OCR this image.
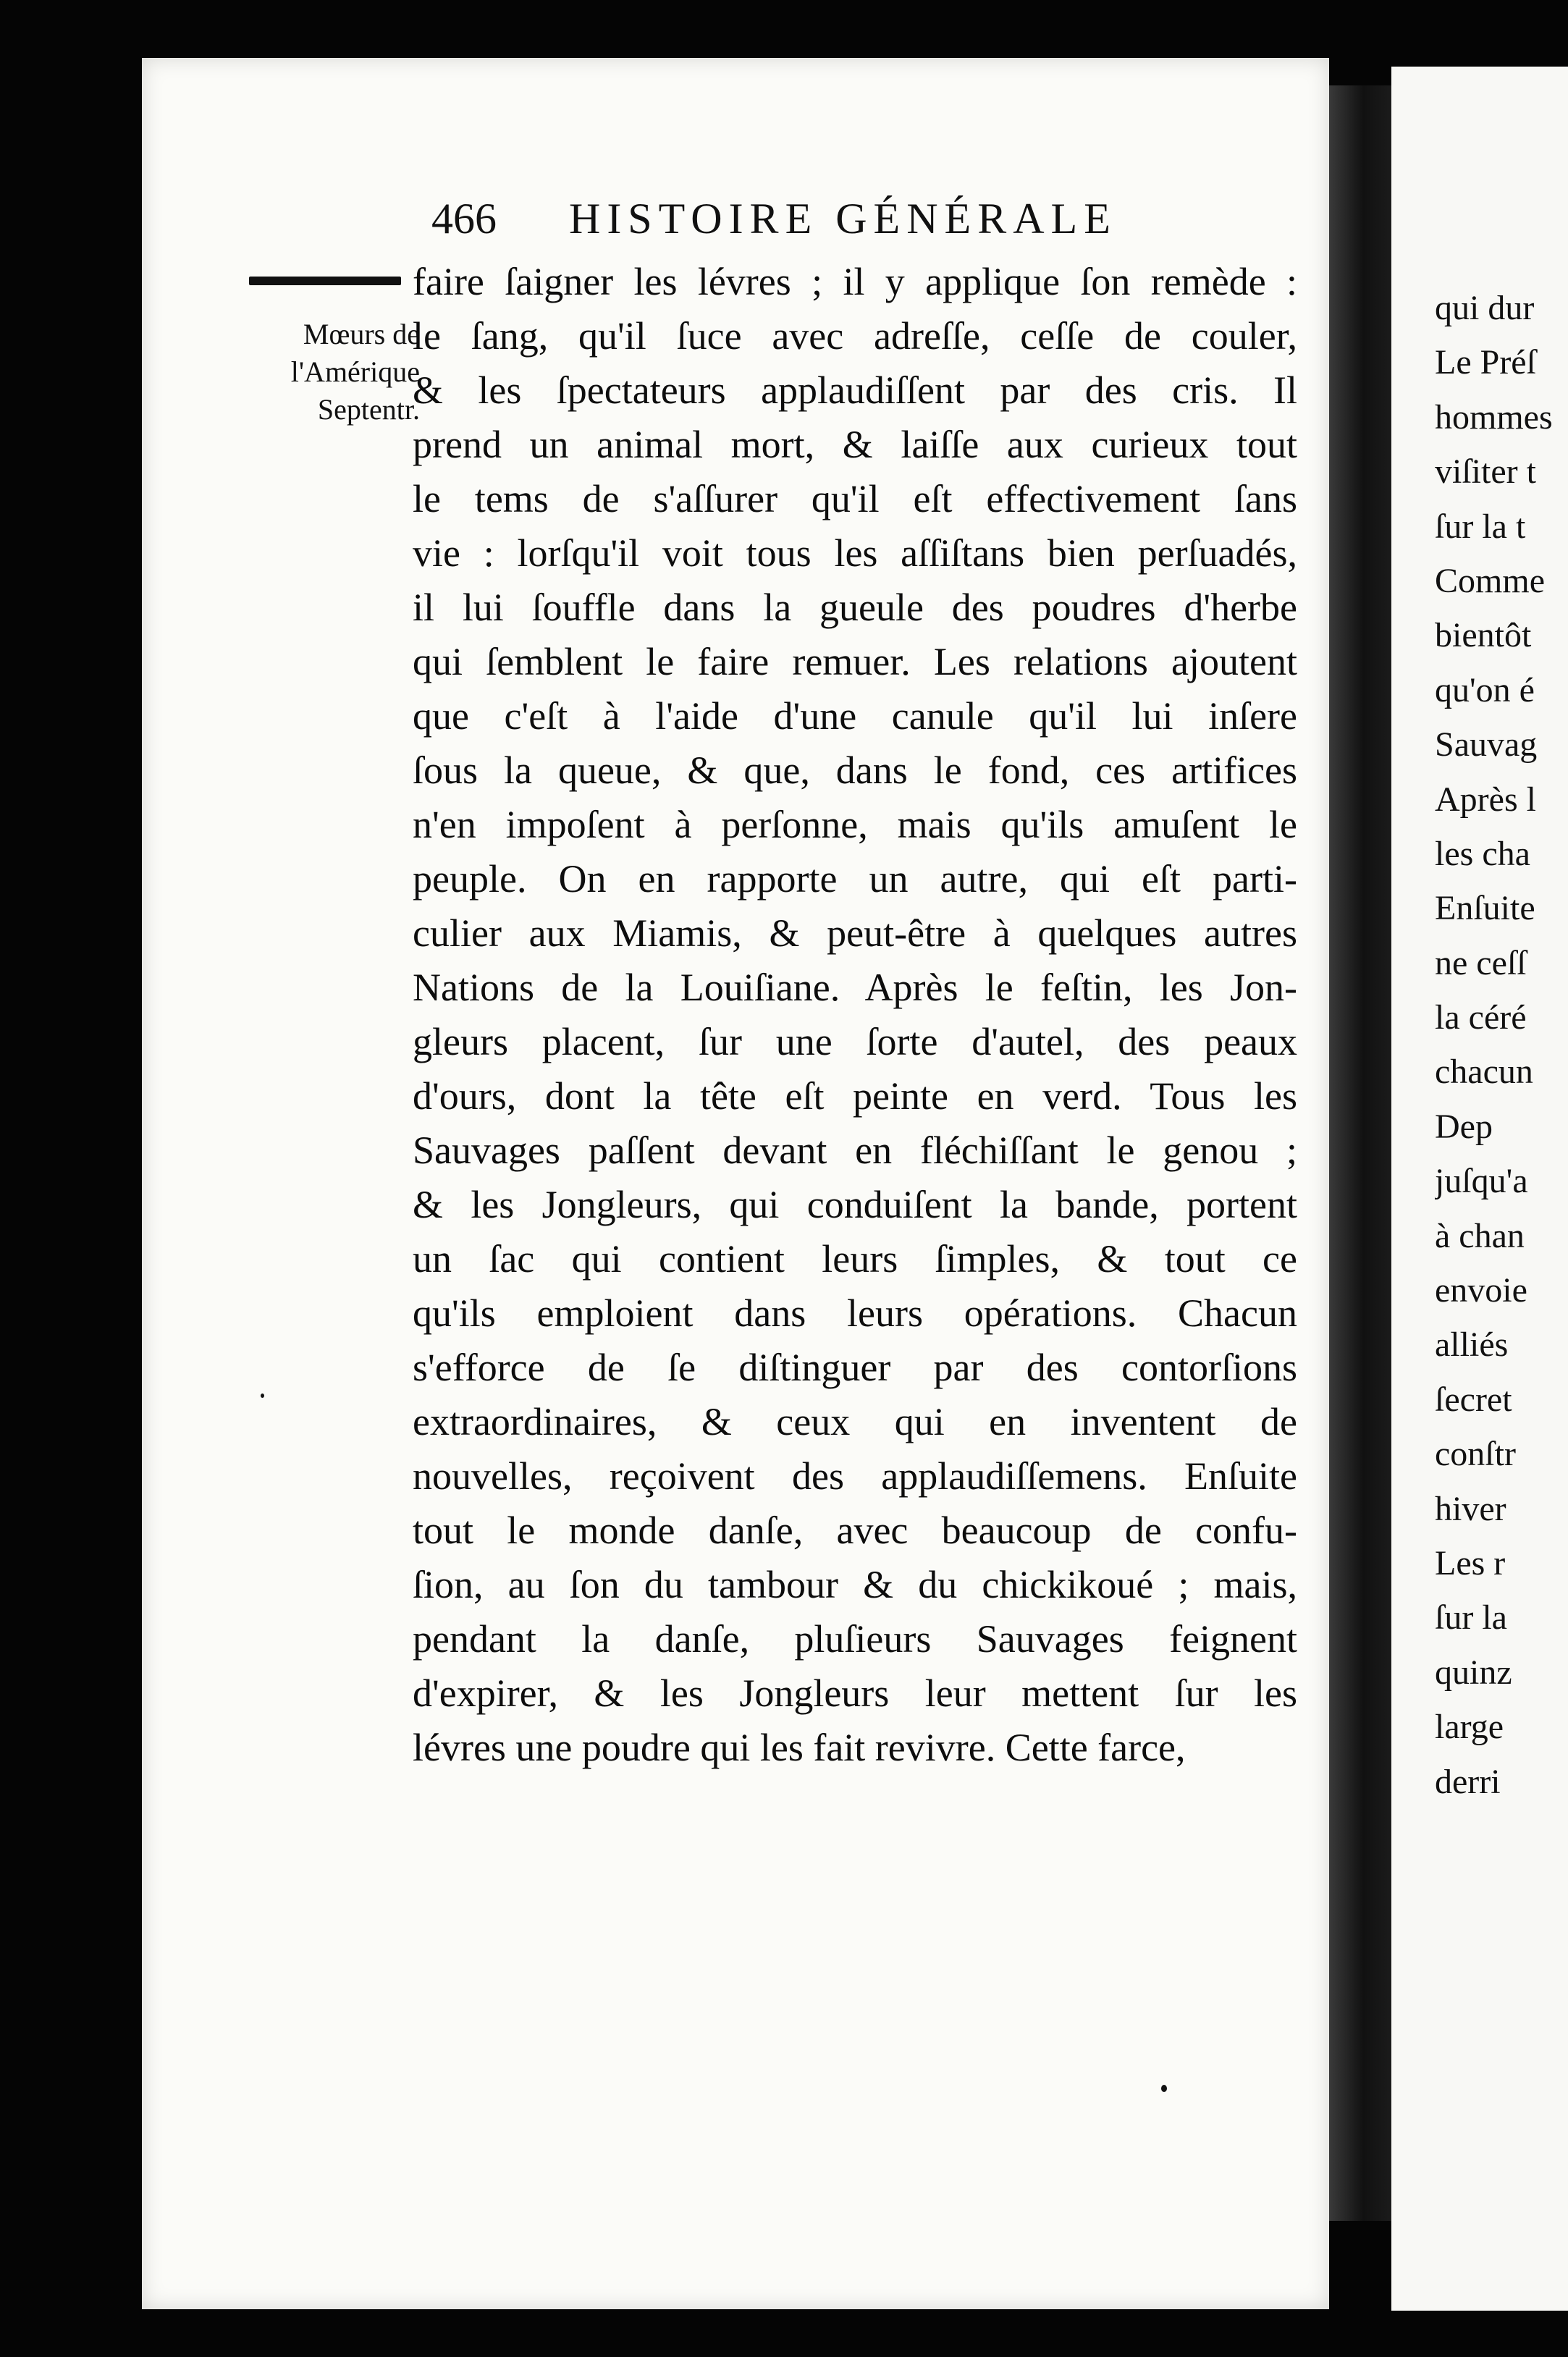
466 HISTOIRE GÉNÉRALE
Mœurs de
l'Amérique
Septentr.
faire ſaigner les lévres ; il y applique ſon remède :
le ſang, qu'il ſuce avec adreſſe, ceſſe de couler,
& les ſpectateurs applaudiſſent par des cris. Il
prend un animal mort, & laiſſe aux curieux tout
le tems de s'aſſurer qu'il eſt effectivement ſans
vie : lorſqu'il voit tous les aſſiſtans bien perſuadés,
il lui ſouffle dans la gueule des poudres d'herbe
qui ſemblent le faire remuer. Les relations ajoutent
que c'eſt à l'aide d'une canule qu'il lui inſere
ſous la queue, & que, dans le fond, ces artifices
n'en impoſent à perſonne, mais qu'ils amuſent le
peuple. On en rapporte un autre, qui eſt parti-
culier aux Miamis, & peut-être à quelques autres
Nations de la Louiſiane. Après le feſtin, les Jon-
gleurs placent, ſur une ſorte d'autel, des peaux
d'ours, dont la tête eſt peinte en verd. Tous les
Sauvages paſſent devant en fléchiſſant le genou ;
& les Jongleurs, qui conduiſent la bande, portent
un ſac qui contient leurs ſimples, & tout ce
qu'ils emploient dans leurs opérations. Chacun
s'efforce de ſe diſtinguer par des contorſions
extraordinaires, & ceux qui en inventent de
nouvelles, reçoivent des applaudiſſemens. Enſuite
tout le monde danſe, avec beaucoup de confu-
ſion, au ſon du tambour & du chickikoué ; mais,
pendant la danſe, pluſieurs Sauvages feignent
d'expirer, & les Jongleurs leur mettent ſur les
lévres une poudre qui les fait revivre. Cette farce,
qui dur
Le Préſ
hommes
viſiter t
ſur la t
Comme
bientôt
qu'on é
Sauvag
Après l
les cha
Enſuite
ne ceſſ
la céré
chacun
Dep
juſqu'a
à chan
envoie
alliés
ſecret
conſtr
hiver
Les r
ſur la
quinz
large
derri
